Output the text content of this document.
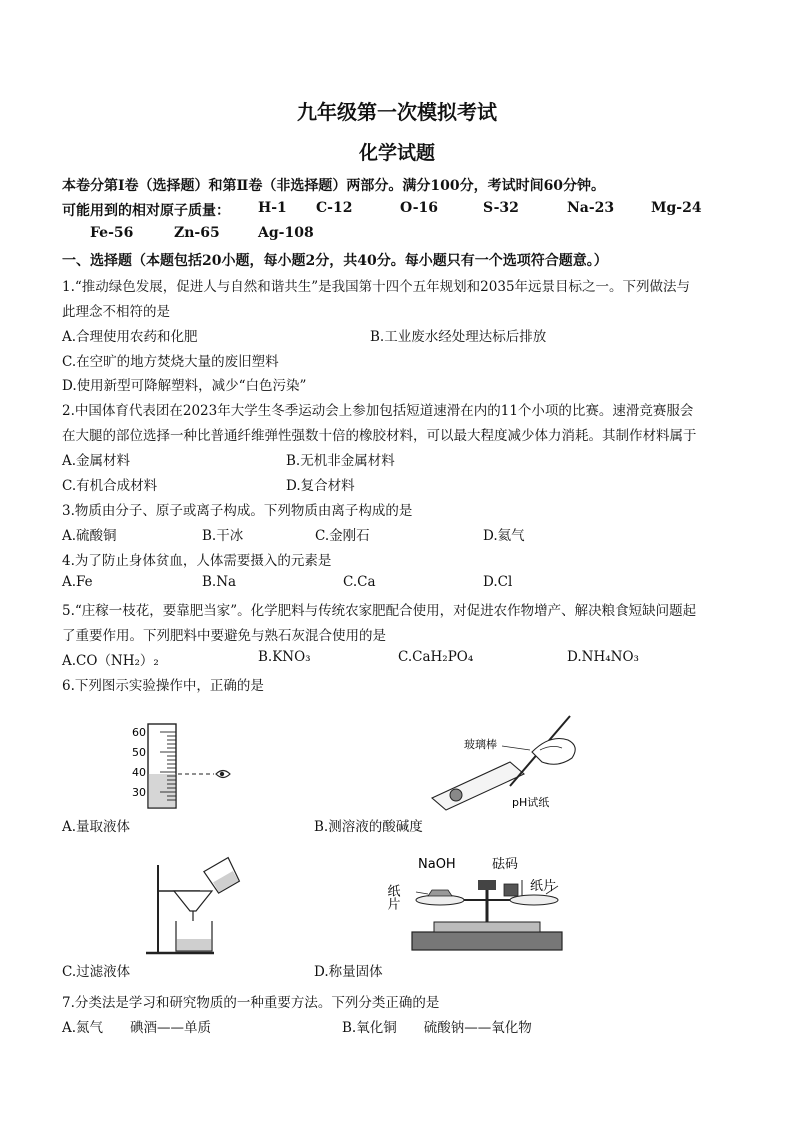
九年级第一次模拟考试
化学试题
本卷分第Ⅰ卷（选择题）和第Ⅱ卷（非选择题）两部分。满分100分，考试时间60分钟。
可能用到的相对原子质量： H-1 C-12	O-16	S-32	Na-23	Mg-24
Fe-56	Zn-65	Ag-108
一、选择题（本题包括20小题，每小题2分，共40分。每小题只有一个选项符合题意。）
1.“推动绿色发展，促进人与自然和谐共生”是我国第十四个五年规划和2035年远景目标之一。下列做法与
此理念不相符的是
A.合理使用农药和化肥	B.工业废水经处理达标后排放
C.在空旷的地方焚烧大量的废旧塑料
D.使用新型可降解塑料，减少“白色污染”
2.中国体育代表团在2023年大学生冬季运动会上参加包括短道速滑在内的11个小项的比赛。速滑竞赛服会
在大腿的部位选择一种比普通纤维弹性强数十倍的橡胶材料，可以最大程度减少体力消耗。其制作材料属于
A.金属材料	B.无机非金属材料
C.有机合成材料	D.复合材料
3.物质由分子、原子或离子构成。下列物质由离子构成的是
A.硫酸铜	B.干冰	C.金刚石	D.氦气
4.为了防止身体贫血，人体需要摄入的元素是
A.Fe	B.Na	C.Ca	D.Cl
5.“庄稼一枝花，要靠肥当家”。化学肥料与传统农家肥配合使用，对促进农作物增产、解决粮食短缺问题起
了重要作用。下列肥料中要避免与熟石灰混合使用的是
A.CO（NH₂）₂	B.KNO₃	C.CaH₂PO₄	D.NH₄NO₃
6.下列图示实验操作中，正确的是
60
50
40
30
A.量取液体
玻璃棒
pH试纸
B.测溶液的酸碱度
C.过滤液体
NaOH	砝码
纸片	纸片
D.称量固体
7.分类法是学习和研究物质的一种重要方法。下列分类正确的是
A.氮气　　碘酒——单质	B.氧化铜　　硫酸钠——氧化物
